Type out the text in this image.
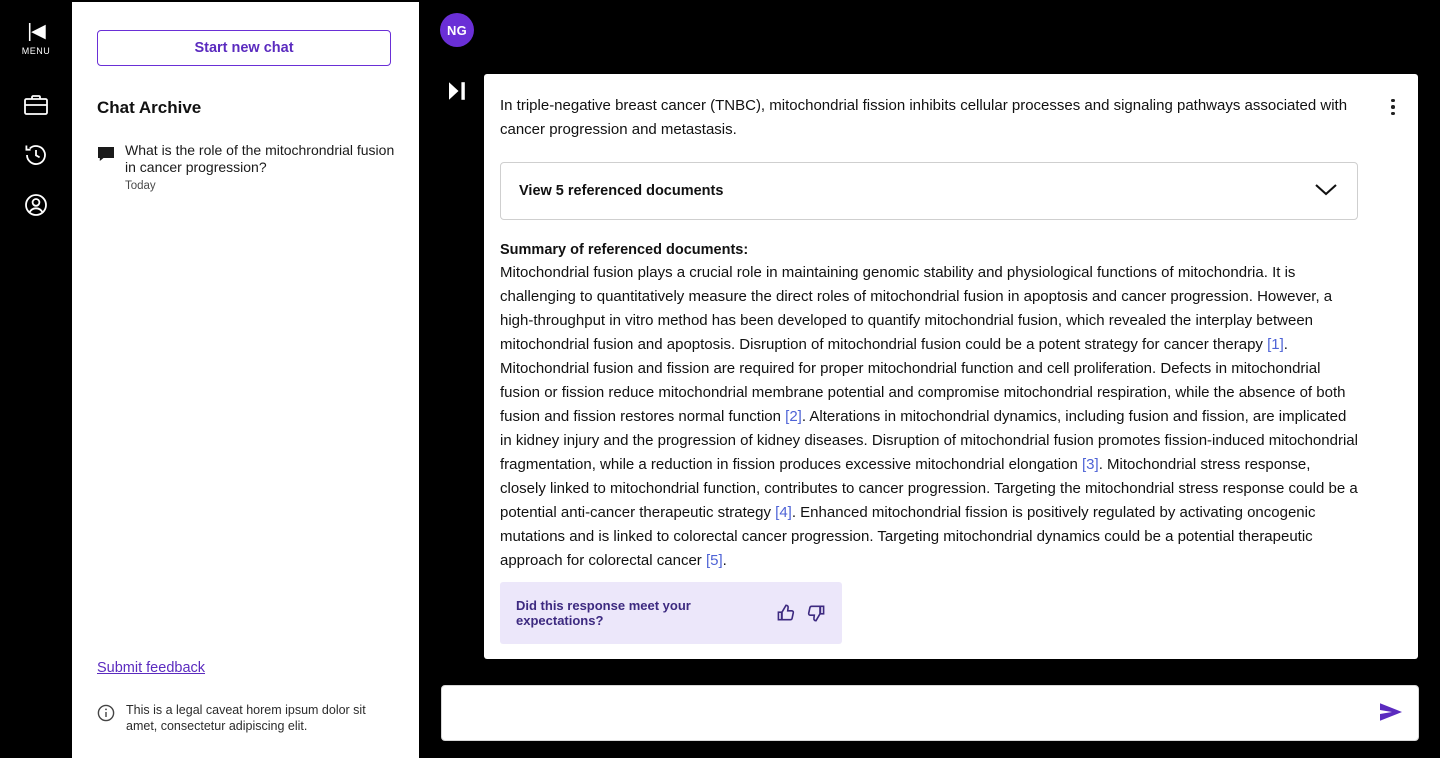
|◀
MENU	Start new chat
Chat Archive
What is the role of the mitochrondrial fusion in cancer progression?
Today
Submit feedback
This is a legal caveat horem ipsum dolor sit amet, consectetur adipiscing elit.
NG
In triple-negative breast cancer (TNBC), mitochondrial fission inhibits cellular processes and signaling pathways associated with cancer progression and metastasis.
View 5 referenced documents
Summary of referenced documents:
Mitochondrial fusion plays a crucial role in maintaining genomic stability and physiological functions of mitochondria. It is challenging to quantitatively measure the direct roles of mitochondrial fusion in apoptosis and cancer progression. However, a high-throughput in vitro method has been developed to quantify mitochondrial fusion, which revealed the interplay between mitochondrial fusion and apoptosis. Disruption of mitochondrial fusion could be a potent strategy for cancer therapy [1]. Mitochondrial fusion and fission are required for proper mitochondrial function and cell proliferation. Defects in mitochondrial fusion or fission reduce mitochondrial membrane potential and compromise mitochondrial respiration, while the absence of both fusion and fission restores normal function [2]. Alterations in mitochondrial dynamics, including fusion and fission, are implicated in kidney injury and the progression of kidney diseases. Disruption of mitochondrial fusion promotes fission-induced mitochondrial fragmentation, while a reduction in fission produces excessive mitochondrial elongation [3]. Mitochondrial stress response, closely linked to mitochondrial function, contributes to cancer progression. Targeting the mitochondrial stress response could be a potential anti-cancer therapeutic strategy [4]. Enhanced mitochondrial fission is positively regulated by activating oncogenic mutations and is linked to colorectal cancer progression. Targeting mitochondrial dynamics could be a potential therapeutic approach for colorectal cancer [5].
Did this response meet your expectations?
